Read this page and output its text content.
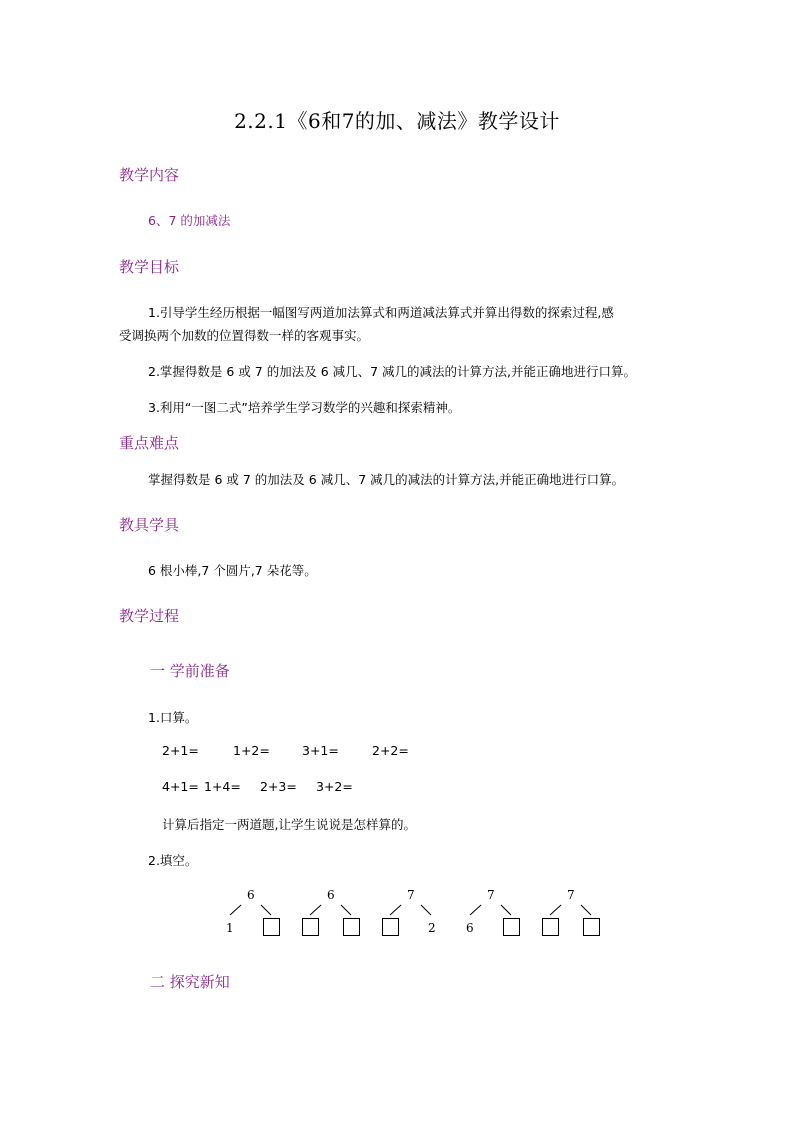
2.2.1《6和7的加、减法》教学设计
教学内容
6、7 的加减法
教学目标
1.引导学生经历根据一幅图写两道加法算式和两道减法算式并算出得数的探索过程,感
受调换两个加数的位置得数一样的客观事实。
2.掌握得数是 6 或 7 的加法及 6 减几、7 减几的减法的计算方法,并能正确地进行口算。
3.利用“一图二式”培养学生学习数学的兴趣和探索精神。
重点难点
掌握得数是 6 或 7 的加法及 6 减几、7 减几的减法的计算方法,并能正确地进行口算。
教具学具
6 根小棒,7 个圆片,7 朵花等。
教学过程
一 学前准备
1.口算。
2+1=	1+2=	3+1=	2+2=
4+1= 1+4= 2+3= 3+2=
计算后指定一两道题,让学生说说是怎样算的。
2.填空。
6	6	7	7	7
1	2	6
二 探究新知
